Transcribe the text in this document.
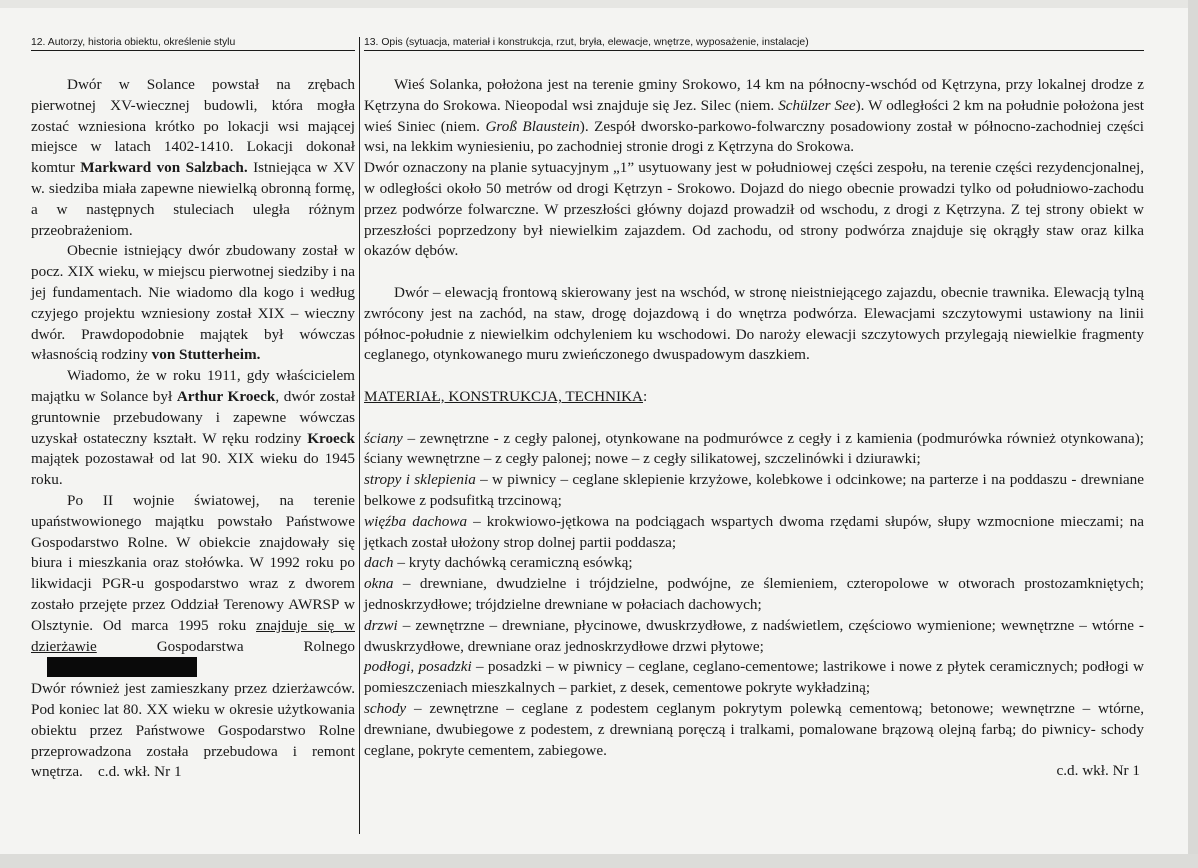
12. Autorzy, historia obiektu, określenie stylu	13. Opis (sytuacja, materiał i konstrukcja, rzut, bryła, elewacje, wnętrze, wyposażenie, instalacje)

Dwór w Solance powstał na zrębach pierwotnej XV-wiecznej budowli, która mogła zostać wzniesiona krótko po lokacji wsi mającej miejsce w latach 1402-1410. Lokacji dokonał komtur Markward von Salzbach. Istniejąca w XV w. siedziba miała zapewne niewielką obronną formę, a w następnych stuleciach uległa różnym przeobrażeniom.

Obecnie istniejący dwór zbudowany został w pocz. XIX wieku, w miejscu pierwotnej siedziby i na jej fundamentach. Nie wiadomo dla kogo i według czyjego projektu wzniesiony został XIX – wieczny dwór. Prawdopodobnie majątek był wówczas własnością rodziny von Stutterheim.

Wiadomo, że w roku 1911, gdy właścicielem majątku w Solance był Arthur Kroeck, dwór został gruntownie przebudowany i zapewne wówczas uzyskał ostateczny kształt. W ręku rodziny Kroeck majątek pozostawał od lat 90. XIX wieku do 1945 roku.

Po II wojnie światowej, na terenie upaństwowionego majątku powstało Państwowe Gospodarstwo Rolne. W obiekcie znajdowały się biura i mieszkania oraz stołówka. W 1992 roku po likwidacji PGR-u gospodarstwo wraz z dworem zostało przejęte przez Oddział Terenowy AWRSP w Olsztynie. Od marca 1995 roku znajduje się w dzierżawie Gospodarstwa Rolnego

Dwór również jest zamieszkany przez dzierżawców. Pod koniec lat 80. XX wieku w okresie użytkowania obiektu przez Państwowe Gospodarstwo Rolne przeprowadzona została przebudowa i remont wnętrza. c.d. wkł. Nr 1

Wieś Solanka, położona jest na terenie gminy Srokowo, 14 km na północny-wschód od Kętrzyna, przy lokalnej drodze z Kętrzyna do Srokowa. Nieopodal wsi znajduje się Jez. Silec (niem. Schülzer See). W odległości 2 km na południe położona jest wieś Siniec (niem. Groß Blaustein). Zespół dworsko-parkowo-folwarczny posadowiony został w północno-zachodniej części wsi, na lekkim wyniesieniu, po zachodniej stronie drogi z Kętrzyna do Srokowa.

Dwór oznaczony na planie sytuacyjnym „1” usytuowany jest w południowej części zespołu, na terenie części rezydencjonalnej, w odległości około 50 metrów od drogi Kętrzyn - Srokowo. Dojazd do niego obecnie prowadzi tylko od południowo-zachodu przez podwórze folwarczne. W przeszłości główny dojazd prowadził od wschodu, z drogi z Kętrzyna. Z tej strony obiekt w przeszłości poprzedzony był niewielkim zajazdem. Od zachodu, od strony podwórza znajduje się okrągły staw oraz kilka okazów dębów.

Dwór – elewacją frontową skierowany jest na wschód, w stronę nieistniejącego zajazdu, obecnie trawnika. Elewacją tylną zwrócony jest na zachód, na staw, drogę dojazdową i do wnętrza podwórza. Elewacjami szczytowymi ustawiony na linii północ-południe z niewielkim odchyleniem ku wschodowi. Do naroży elewacji szczytowych przylegają niewielkie fragmenty ceglanego, otynkowanego muru zwieńczonego dwuspadowym daszkiem.

MATERIAŁ, KONSTRUKCJA, TECHNIKA:

ściany – zewnętrzne - z cegły palonej, otynkowane na podmurówce z cegły i z kamienia (podmurówka również otynkowana); ściany wewnętrzne – z cegły palonej; nowe – z cegły silikatowej, szczelinówki i dziurawki;

stropy i sklepienia – w piwnicy – ceglane sklepienie krzyżowe, kolebkowe i odcinkowe; na parterze i na poddaszu - drewniane belkowe z podsufitką trzcinową;

więźba dachowa – krokwiowo-jętkowa na podciągach wspartych dwoma rzędami słupów, słupy wzmocnione mieczami; na jętkach został ułożony strop dolnej partii poddasza;

dach – kryty dachówką ceramiczną esówką;

okna – drewniane, dwudzielne i trójdzielne, podwójne, ze ślemieniem, czteropolowe w otworach prostozamkniętych; jednoskrzydłowe; trójdzielne drewniane w połaciach dachowych;

drzwi – zewnętrzne – drewniane, płycinowe, dwuskrzydłowe, z nadświetlem, częściowo wymienione; wewnętrzne – wtórne - dwuskrzydłowe, drewniane oraz jednoskrzydłowe drzwi płytowe;

podłogi, posadzki – posadzki – w piwnicy – ceglane, ceglano-cementowe; lastrikowe i nowe z płytek ceramicznych; podłogi w pomieszczeniach mieszkalnych – parkiet, z desek, cementowe pokryte wykładziną;

schody – zewnętrzne – ceglane z podestem ceglanym pokrytym polewką cementową; betonowe; wewnętrzne – wtórne, drewniane, dwubiegowe z podestem, z drewnianą poręczą i tralkami, pomalowane brązową olejną farbą; do piwnicy- schody ceglane, pokryte cementem, zabiegowe.

c.d. wkł. Nr 1
